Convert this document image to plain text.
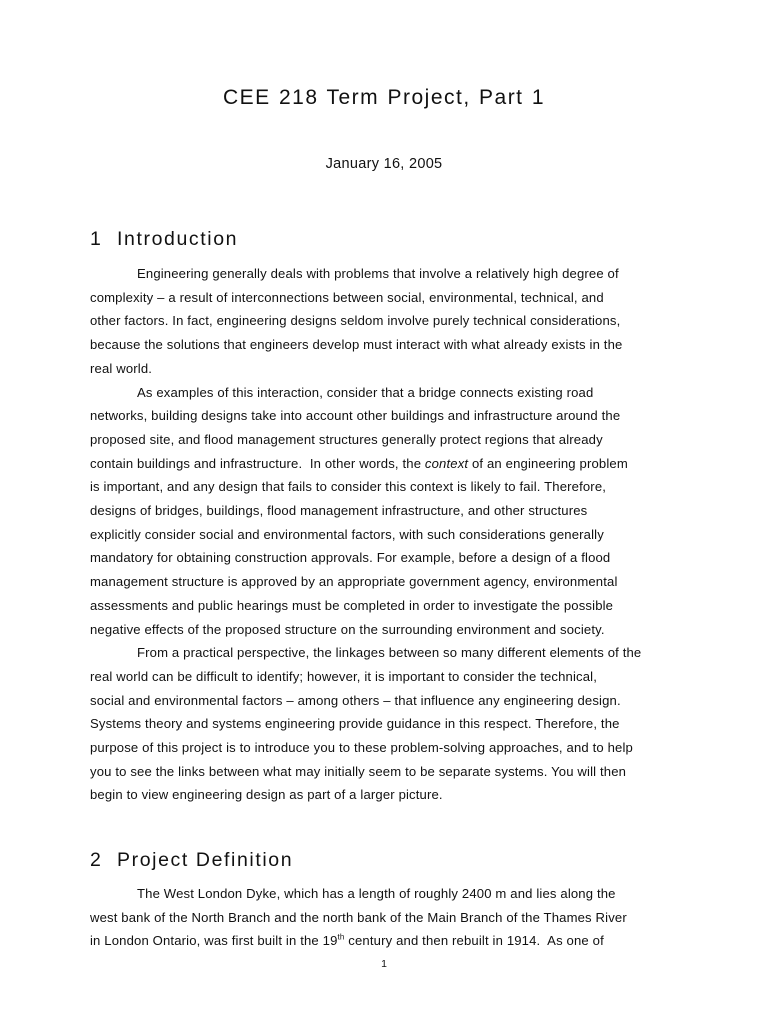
CEE 218 Term Project, Part 1
January 16, 2005
1 Introduction
Engineering generally deals with problems that involve a relatively high degree of
complexity – a result of interconnections between social, environmental, technical, and
other factors. In fact, engineering designs seldom involve purely technical considerations,
because the solutions that engineers develop must interact with what already exists in the
real world.
As examples of this interaction, consider that a bridge connects existing road
networks, building designs take into account other buildings and infrastructure around the
proposed site, and flood management structures generally protect regions that already
contain buildings and infrastructure.  In other words, the context of an engineering problem
is important, and any design that fails to consider this context is likely to fail. Therefore,
designs of bridges, buildings, flood management infrastructure, and other structures
explicitly consider social and environmental factors, with such considerations generally
mandatory for obtaining construction approvals. For example, before a design of a flood
management structure is approved by an appropriate government agency, environmental
assessments and public hearings must be completed in order to investigate the possible
negative effects of the proposed structure on the surrounding environment and society.
From a practical perspective, the linkages between so many different elements of the
real world can be difficult to identify; however, it is important to consider the technical,
social and environmental factors – among others – that influence any engineering design.
Systems theory and systems engineering provide guidance in this respect. Therefore, the
purpose of this project is to introduce you to these problem-solving approaches, and to help
you to see the links between what may initially seem to be separate systems. You will then
begin to view engineering design as part of a larger picture.
2 Project Definition
The West London Dyke, which has a length of roughly 2400 m and lies along the
west bank of the North Branch and the north bank of the Main Branch of the Thames River
in London Ontario, was first built in the 19th century and then rebuilt in 1914.  As one of
1
